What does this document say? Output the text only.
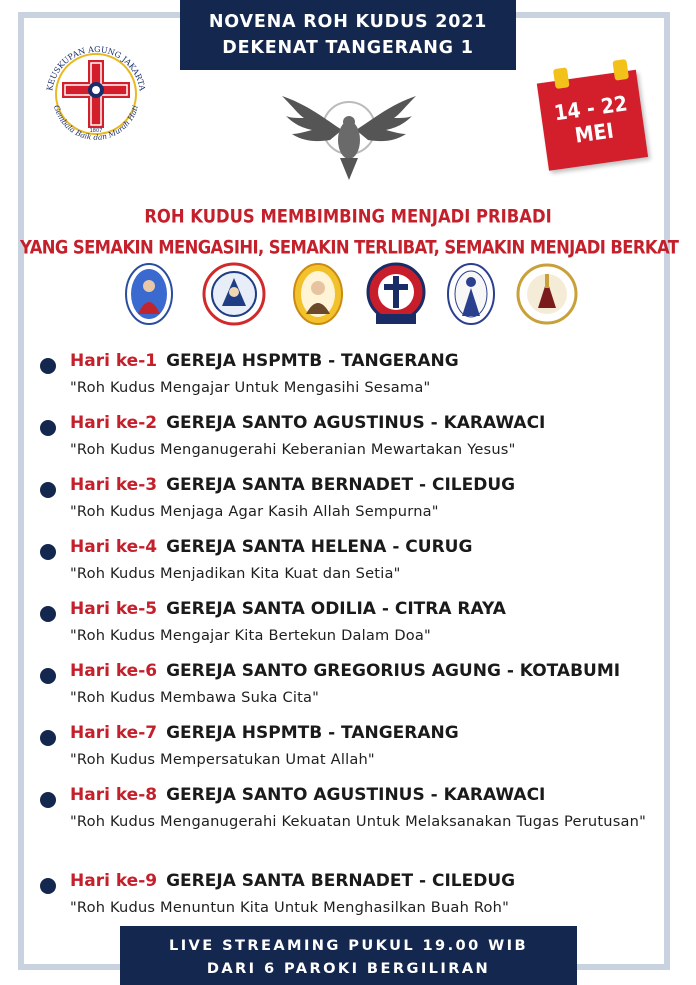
NOVENA ROH KUDUS 2021
DEKENAT TANGERANG 1
KEUSKUPAN AGUNG JAKARTA
Gembala Baik dan Murah Hati
1807
14 - 22
MEI
ROH KUDUS MEMBIMBING MENJADI PRIBADI
YANG SEMAKIN MENGASIHI, SEMAKIN TERLIBAT, SEMAKIN MENJADI BERKAT
Hari ke-1 GEREJA HSPMTB - TANGERANG
"Roh Kudus Mengajar Untuk Mengasihi Sesama"
Hari ke-2 GEREJA SANTO AGUSTINUS - KARAWACI
"Roh Kudus Menganugerahi Keberanian Mewartakan Yesus"
Hari ke-3 GEREJA SANTA BERNADET - CILEDUG
"Roh Kudus Menjaga Agar Kasih Allah Sempurna"
Hari ke-4 GEREJA SANTA HELENA - CURUG
"Roh Kudus Menjadikan Kita Kuat dan Setia"
Hari ke-5 GEREJA SANTA ODILIA - CITRA RAYA
"Roh Kudus Mengajar Kita Bertekun Dalam Doa"
Hari ke-6 GEREJA SANTO GREGORIUS AGUNG - KOTABUMI
"Roh Kudus Membawa Suka Cita"
Hari ke-7 GEREJA HSPMTB - TANGERANG
"Roh Kudus Mempersatukan Umat Allah"
Hari ke-8 GEREJA SANTO AGUSTINUS - KARAWACI
"Roh Kudus Menganugerahi Kekuatan Untuk Melaksanakan Tugas Perutusan"
Hari ke-9 GEREJA SANTA BERNADET - CILEDUG
"Roh Kudus Menuntun Kita Untuk Menghasilkan Buah Roh"
LIVE STREAMING PUKUL 19.00 WIB
DARI 6 PAROKI BERGILIRAN
